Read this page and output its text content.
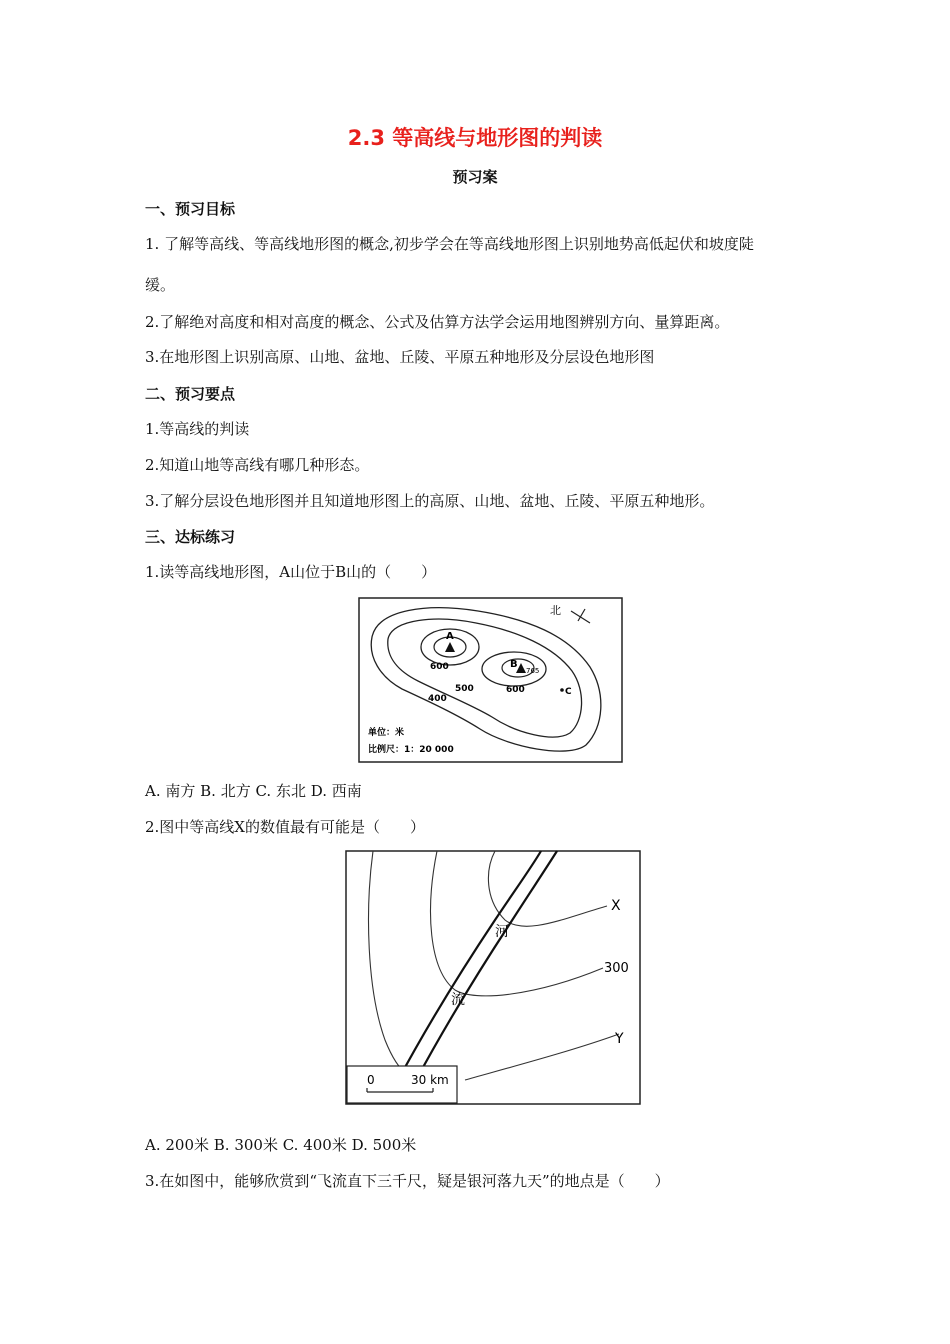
2.3 等高线与地形图的判读
预习案
一、预习目标
1. 了解等高线、等高线地形图的概念,初步学会在等高线地形图上识别地势高低起伏和坡度陡
缓。
2.了解绝对高度和相对高度的概念、公式及估算方法学会运用地图辨别方向、量算距离。
3.在地形图上识别高原、山地、盆地、丘陵、平原五种地形及分层设色地形图
二、预习要点
1.等高线的判读
2.知道山地等高线有哪几种形态。
3.了解分层设色地形图并且知道地形图上的高原、山地、盆地、丘陵、平原五种地形。
三、达标练习
1.读等高线地形图，A山位于B山的（　　）
北
A
B
765
C
600
600
500
400
单位：米
比例尺：1：20 000
A. 南方 B. 北方 C. 东北 D. 西南
2.图中等高线X的数值最有可能是（　　）
X
300
Y
河
流
0	30 km
A. 200米 B. 300米 C. 400米 D. 500米
3.在如图中，能够欣赏到“飞流直下三千尺，疑是银河落九天”的地点是（　　）
